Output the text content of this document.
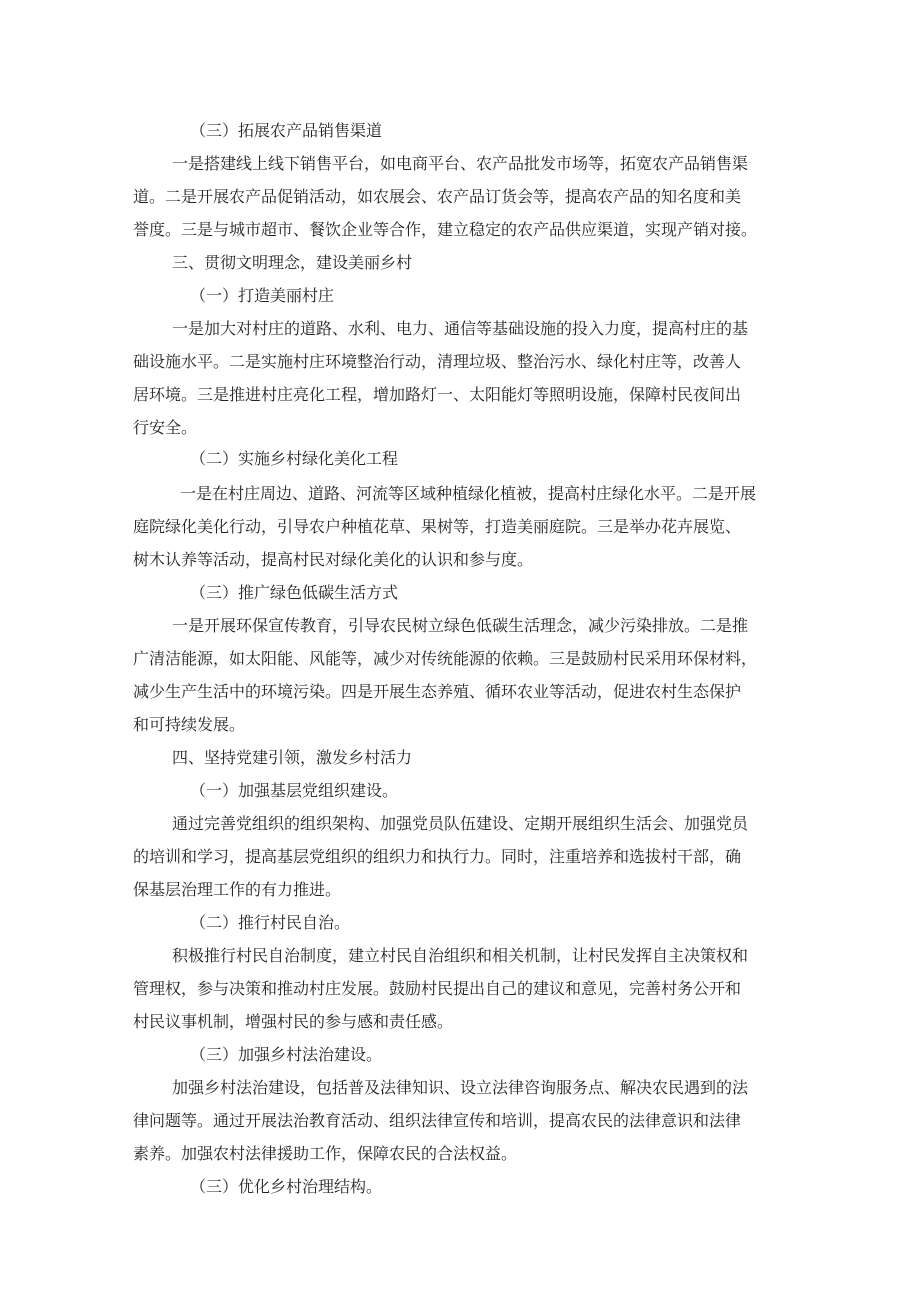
（三）拓展农产品销售渠道
一是搭建线上线下销售平台，如电商平台、农产品批发市场等，拓宽农产品销售渠
道。二是开展农产品促销活动，如农展会、农产品订货会等，提高农产品的知名度和美
誉度。三是与城市超市、餐饮企业等合作，建立稳定的农产品供应渠道，实现产销对接。
三、贯彻文明理念，建设美丽乡村
（一）打造美丽村庄
一是加大对村庄的道路、水利、电力、通信等基础设施的投入力度，提高村庄的基
础设施水平。二是实施村庄环境整治行动，清理垃圾、整治污水、绿化村庄等，改善人
居环境。三是推进村庄亮化工程，增加路灯一、太阳能灯等照明设施，保障村民夜间出
行安全。
（二）实施乡村绿化美化工程
一是在村庄周边、道路、河流等区域种植绿化植被，提高村庄绿化水平。二是开展
庭院绿化美化行动，引导农户种植花草、果树等，打造美丽庭院。三是举办花卉展览、
树木认养等活动，提高村民对绿化美化的认识和参与度。
（三）推广绿色低碳生活方式
一是开展环保宣传教育，引导农民树立绿色低碳生活理念，减少污染排放。二是推
广清洁能源，如太阳能、风能等，减少对传统能源的依赖。三是鼓励村民采用环保材料，
减少生产生活中的环境污染。四是开展生态养殖、循环农业等活动，促进农村生态保护
和可持续发展。
四、坚持党建引领，激发乡村活力
（一）加强基层党组织建设。
通过完善党组织的组织架构、加强党员队伍建设、定期开展组织生活会、加强党员
的培训和学习，提高基层党组织的组织力和执行力。同时，注重培养和选拔村干部，确
保基层治理工作的有力推进。
（二）推行村民自治。
积极推行村民自治制度，建立村民自治组织和相关机制，让村民发挥自主决策权和
管理权，参与决策和推动村庄发展。鼓励村民提出自己的建议和意见，完善村务公开和
村民议事机制，增强村民的参与感和责任感。
（三）加强乡村法治建设。
加强乡村法治建设，包括普及法律知识、设立法律咨询服务点、解决农民遇到的法
律问题等。通过开展法治教育活动、组织法律宣传和培训，提高农民的法律意识和法律
素养。加强农村法律援助工作，保障农民的合法权益。
（三）优化乡村治理结构。
